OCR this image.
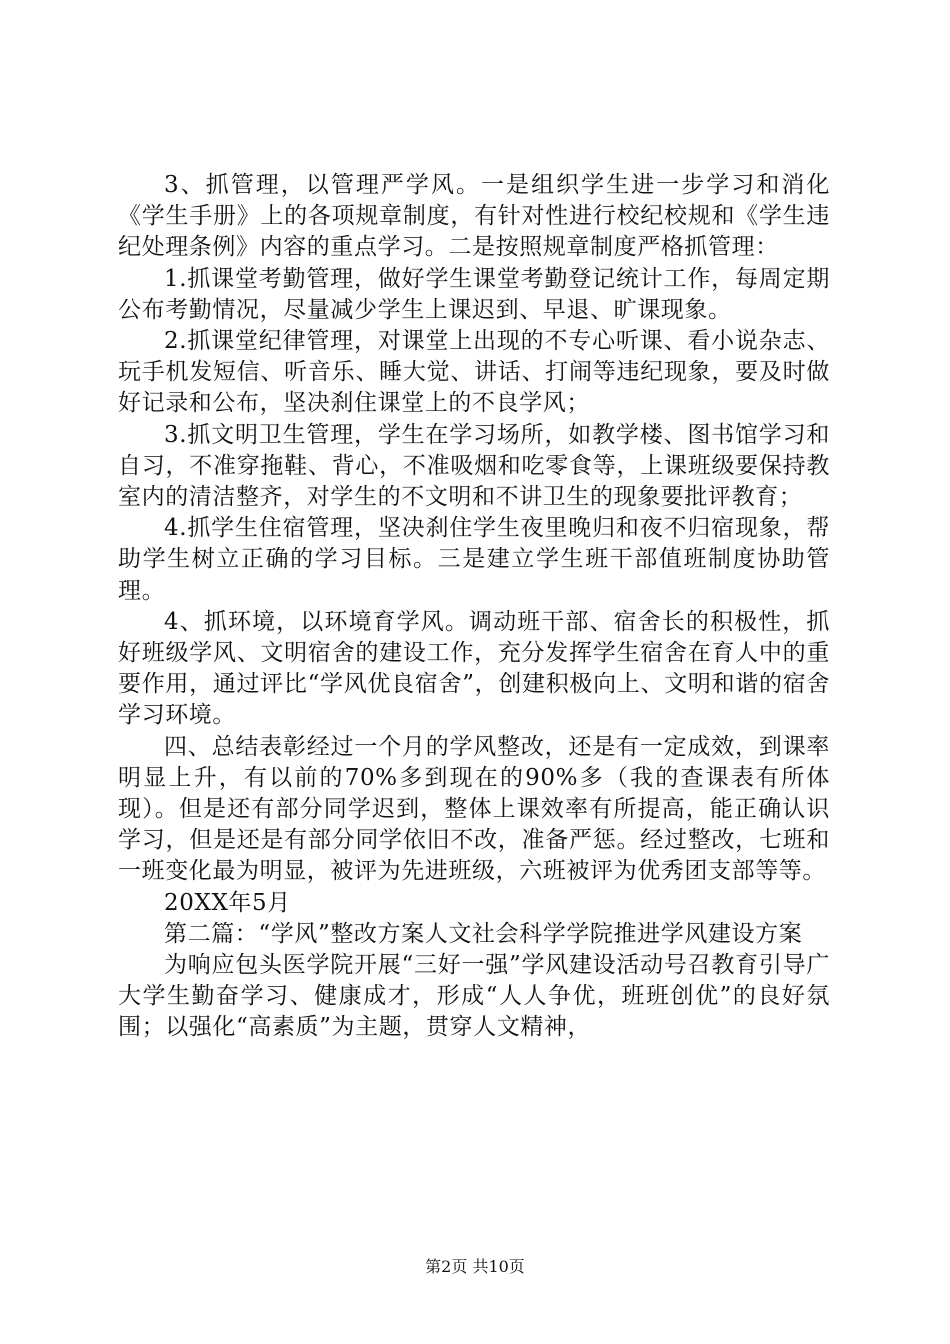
3、抓管理，以管理严学风。一是组织学生进一步学习和消化《学生手册》上的各项规章制度，有针对性进行校纪校规和《学生违纪处理条例》内容的重点学习。二是按照规章制度严格抓管理：

1.抓课堂考勤管理，做好学生课堂考勤登记统计工作，每周定期公布考勤情况，尽量减少学生上课迟到、早退、旷课现象。

2.抓课堂纪律管理，对课堂上出现的不专心听课、看小说杂志、玩手机发短信、听音乐、睡大觉、讲话、打闹等违纪现象，要及时做好记录和公布，坚决刹住课堂上的不良学风；

3.抓文明卫生管理，学生在学习场所，如教学楼、图书馆学习和自习，不准穿拖鞋、背心，不准吸烟和吃零食等，上课班级要保持教室内的清洁整齐，对学生的不文明和不讲卫生的现象要批评教育；

4.抓学生住宿管理，坚决刹住学生夜里晚归和夜不归宿现象，帮助学生树立正确的学习目标。三是建立学生班干部值班制度协助管理。

4、抓环境，以环境育学风。调动班干部、宿舍长的积极性，抓好班级学风、文明宿舍的建设工作，充分发挥学生宿舍在育人中的重要作用，通过评比“学风优良宿舍”，创建积极向上、文明和谐的宿舍学习环境。

四、总结表彰经过一个月的学风整改，还是有一定成效，到课率明显上升，有以前的70%多到现在的90%多（我的查课表有所体现）。但是还有部分同学迟到，整体上课效率有所提高，能正确认识学习，但是还是有部分同学依旧不改，准备严惩。经过整改，七班和一班变化最为明显，被评为先进班级，六班被评为优秀团支部等等。

20XX年5月

第二篇：“学风”整改方案人文社会科学学院推进学风建设方案

为响应包头医学院开展“三好一强”学风建设活动号召教育引导广大学生勤奋学习、健康成才，形成“人人争优，班班创优”的良好氛围；以强化“高素质”为主题，贯穿人文精神，

第2页 共10页
